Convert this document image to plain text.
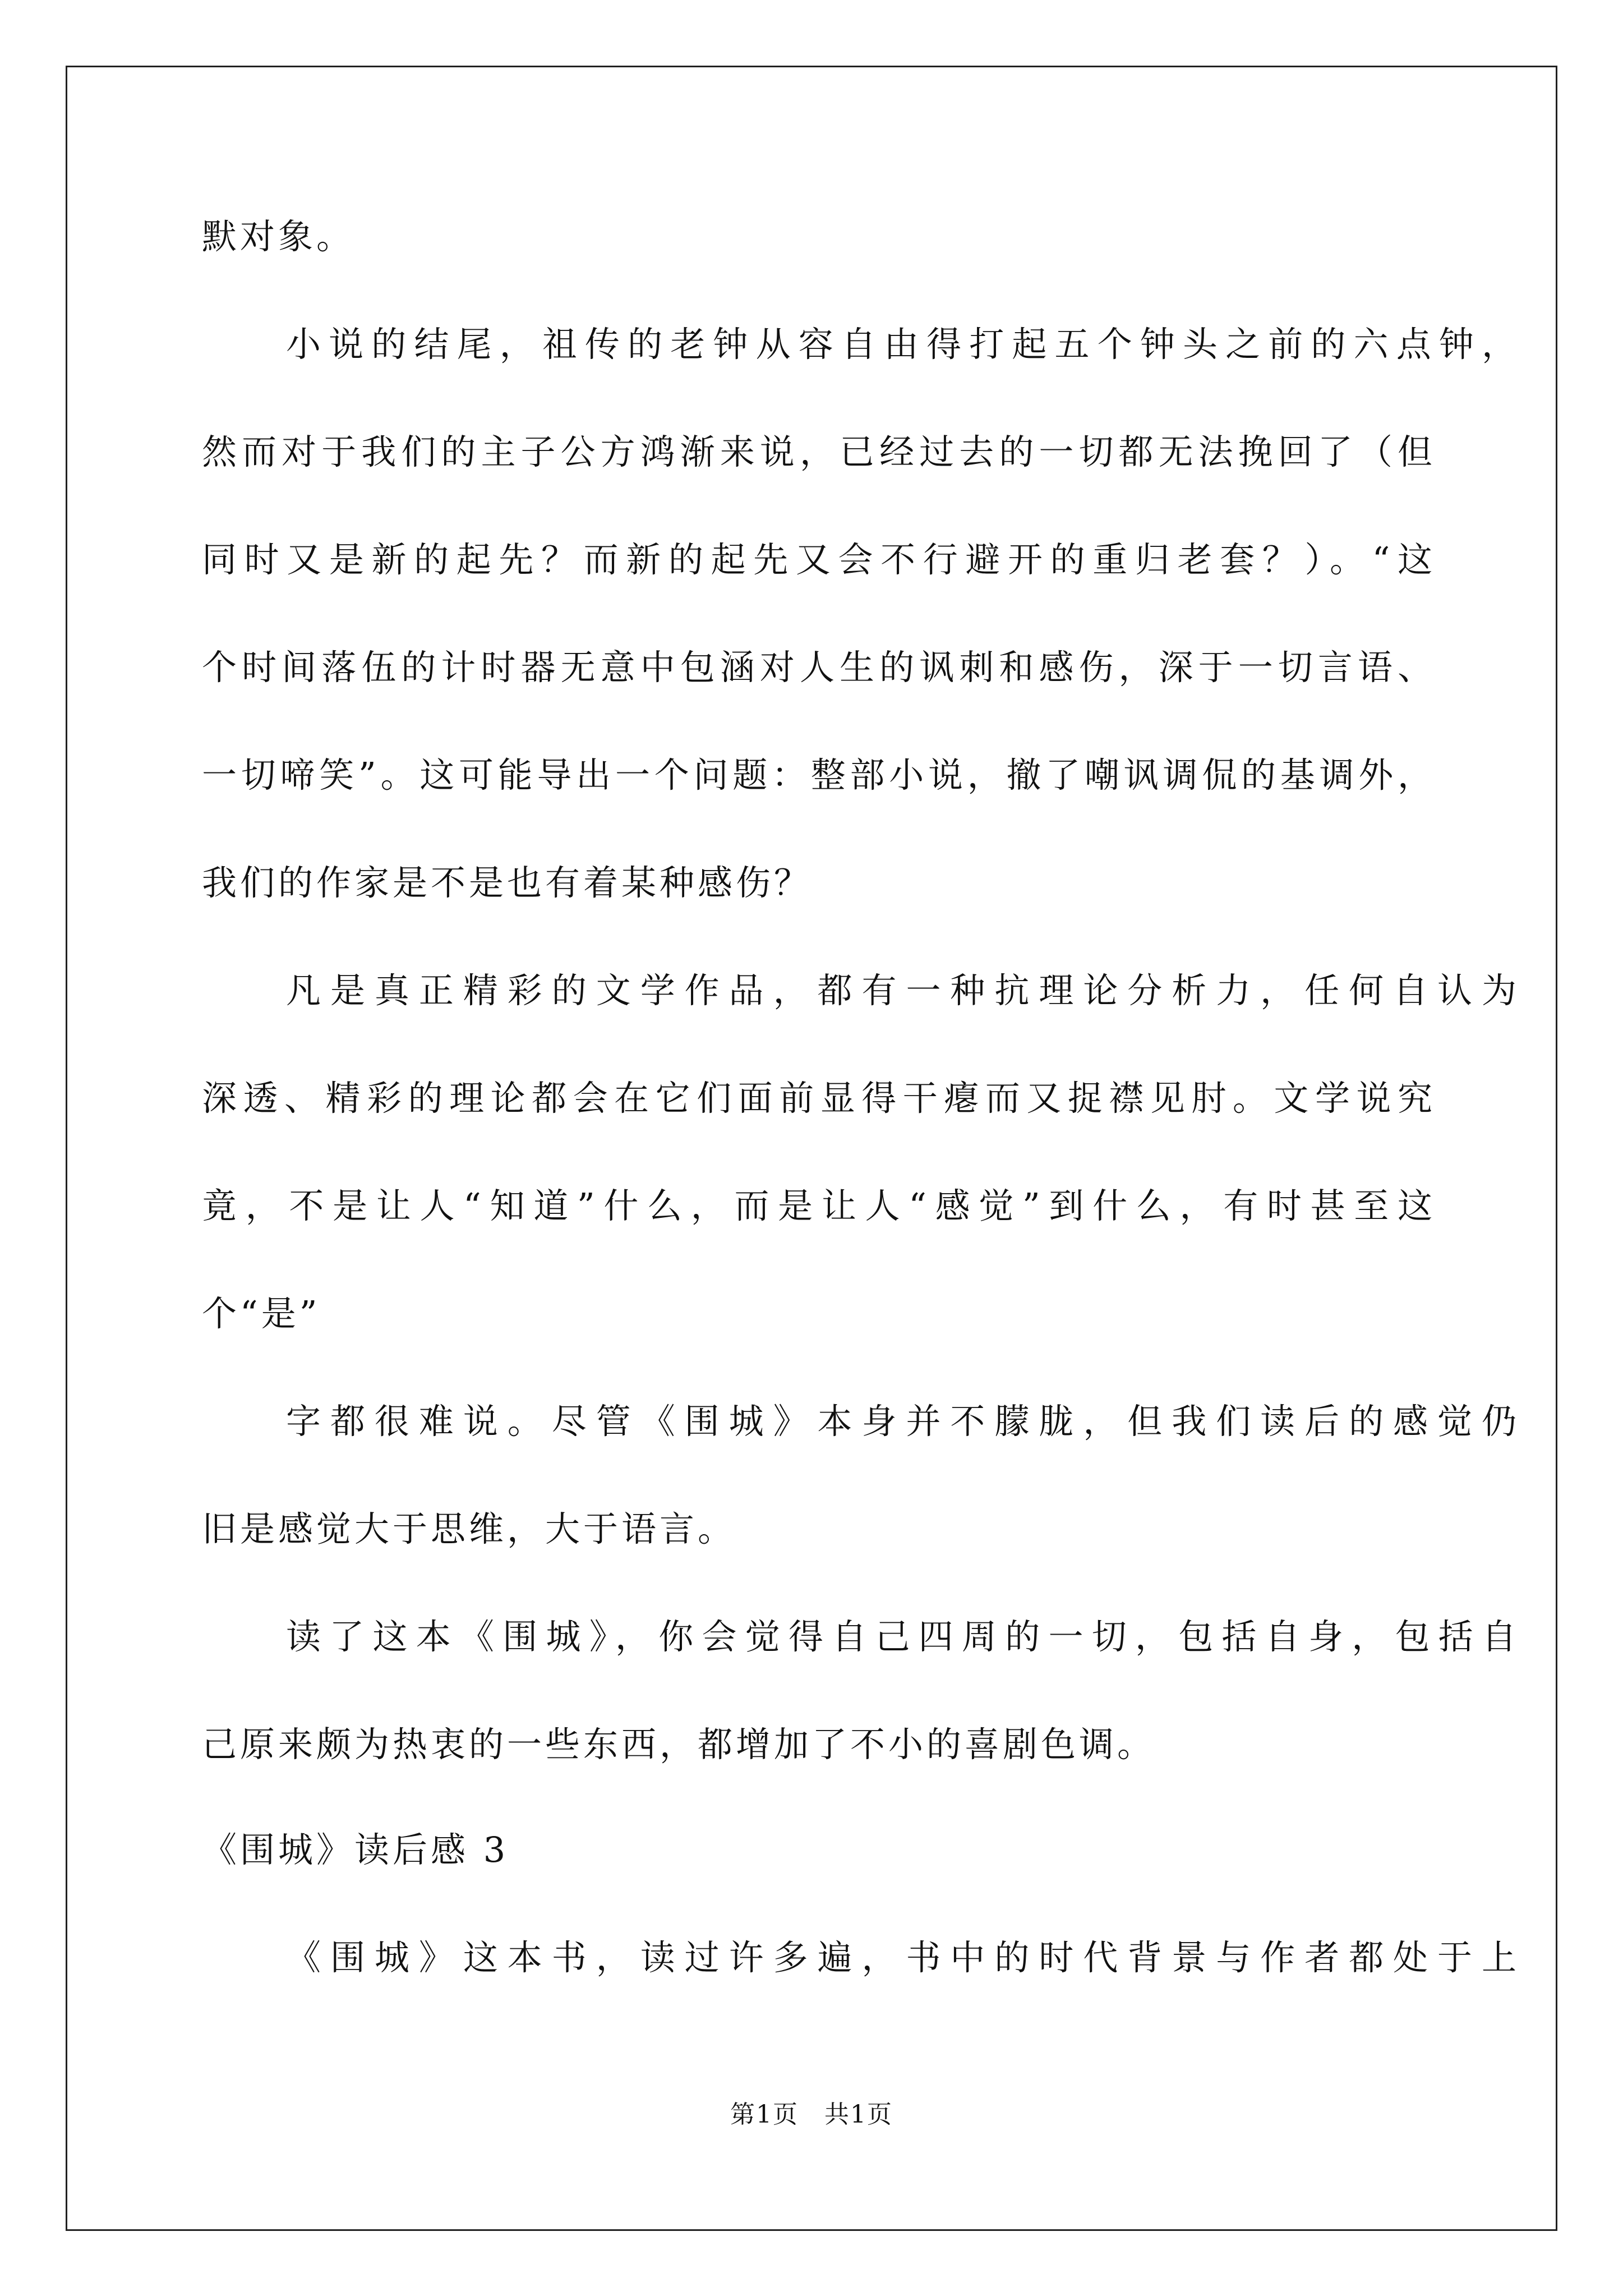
默对象。
小说的结尾，祖传的老钟从容自由得打起五个钟头之前的六点钟，
然而对于我们的主子公方鸿渐来说，已经过去的一切都无法挽回了（但
同时又是新的起先？而新的起先又会不行避开的重归老套？）。“这
个时间落伍的计时器无意中包涵对人生的讽刺和感伤，深于一切言语、
一切啼笑”。这可能导出一个问题：整部小说，撤了嘲讽调侃的基调外，
我们的作家是不是也有着某种感伤？
凡是真正精彩的文学作品，都有一种抗理论分析力，任何自认为
深透、精彩的理论都会在它们面前显得干瘪而又捉襟见肘。文学说究
竟，不是让人“知道”什么，而是让人“感觉”到什么，有时甚至这
个“是”
字都很难说。尽管《围城》本身并不朦胧，但我们读后的感觉仍
旧是感觉大于思维，大于语言。
读了这本《围城》，你会觉得自己四周的一切，包括自身，包括自
己原来颇为热衷的一些东西，都增加了不小的喜剧色调。
《围城》读后感 3
《围城》这本书，读过许多遍，书中的时代背景与作者都处于上
第1页　共1页
